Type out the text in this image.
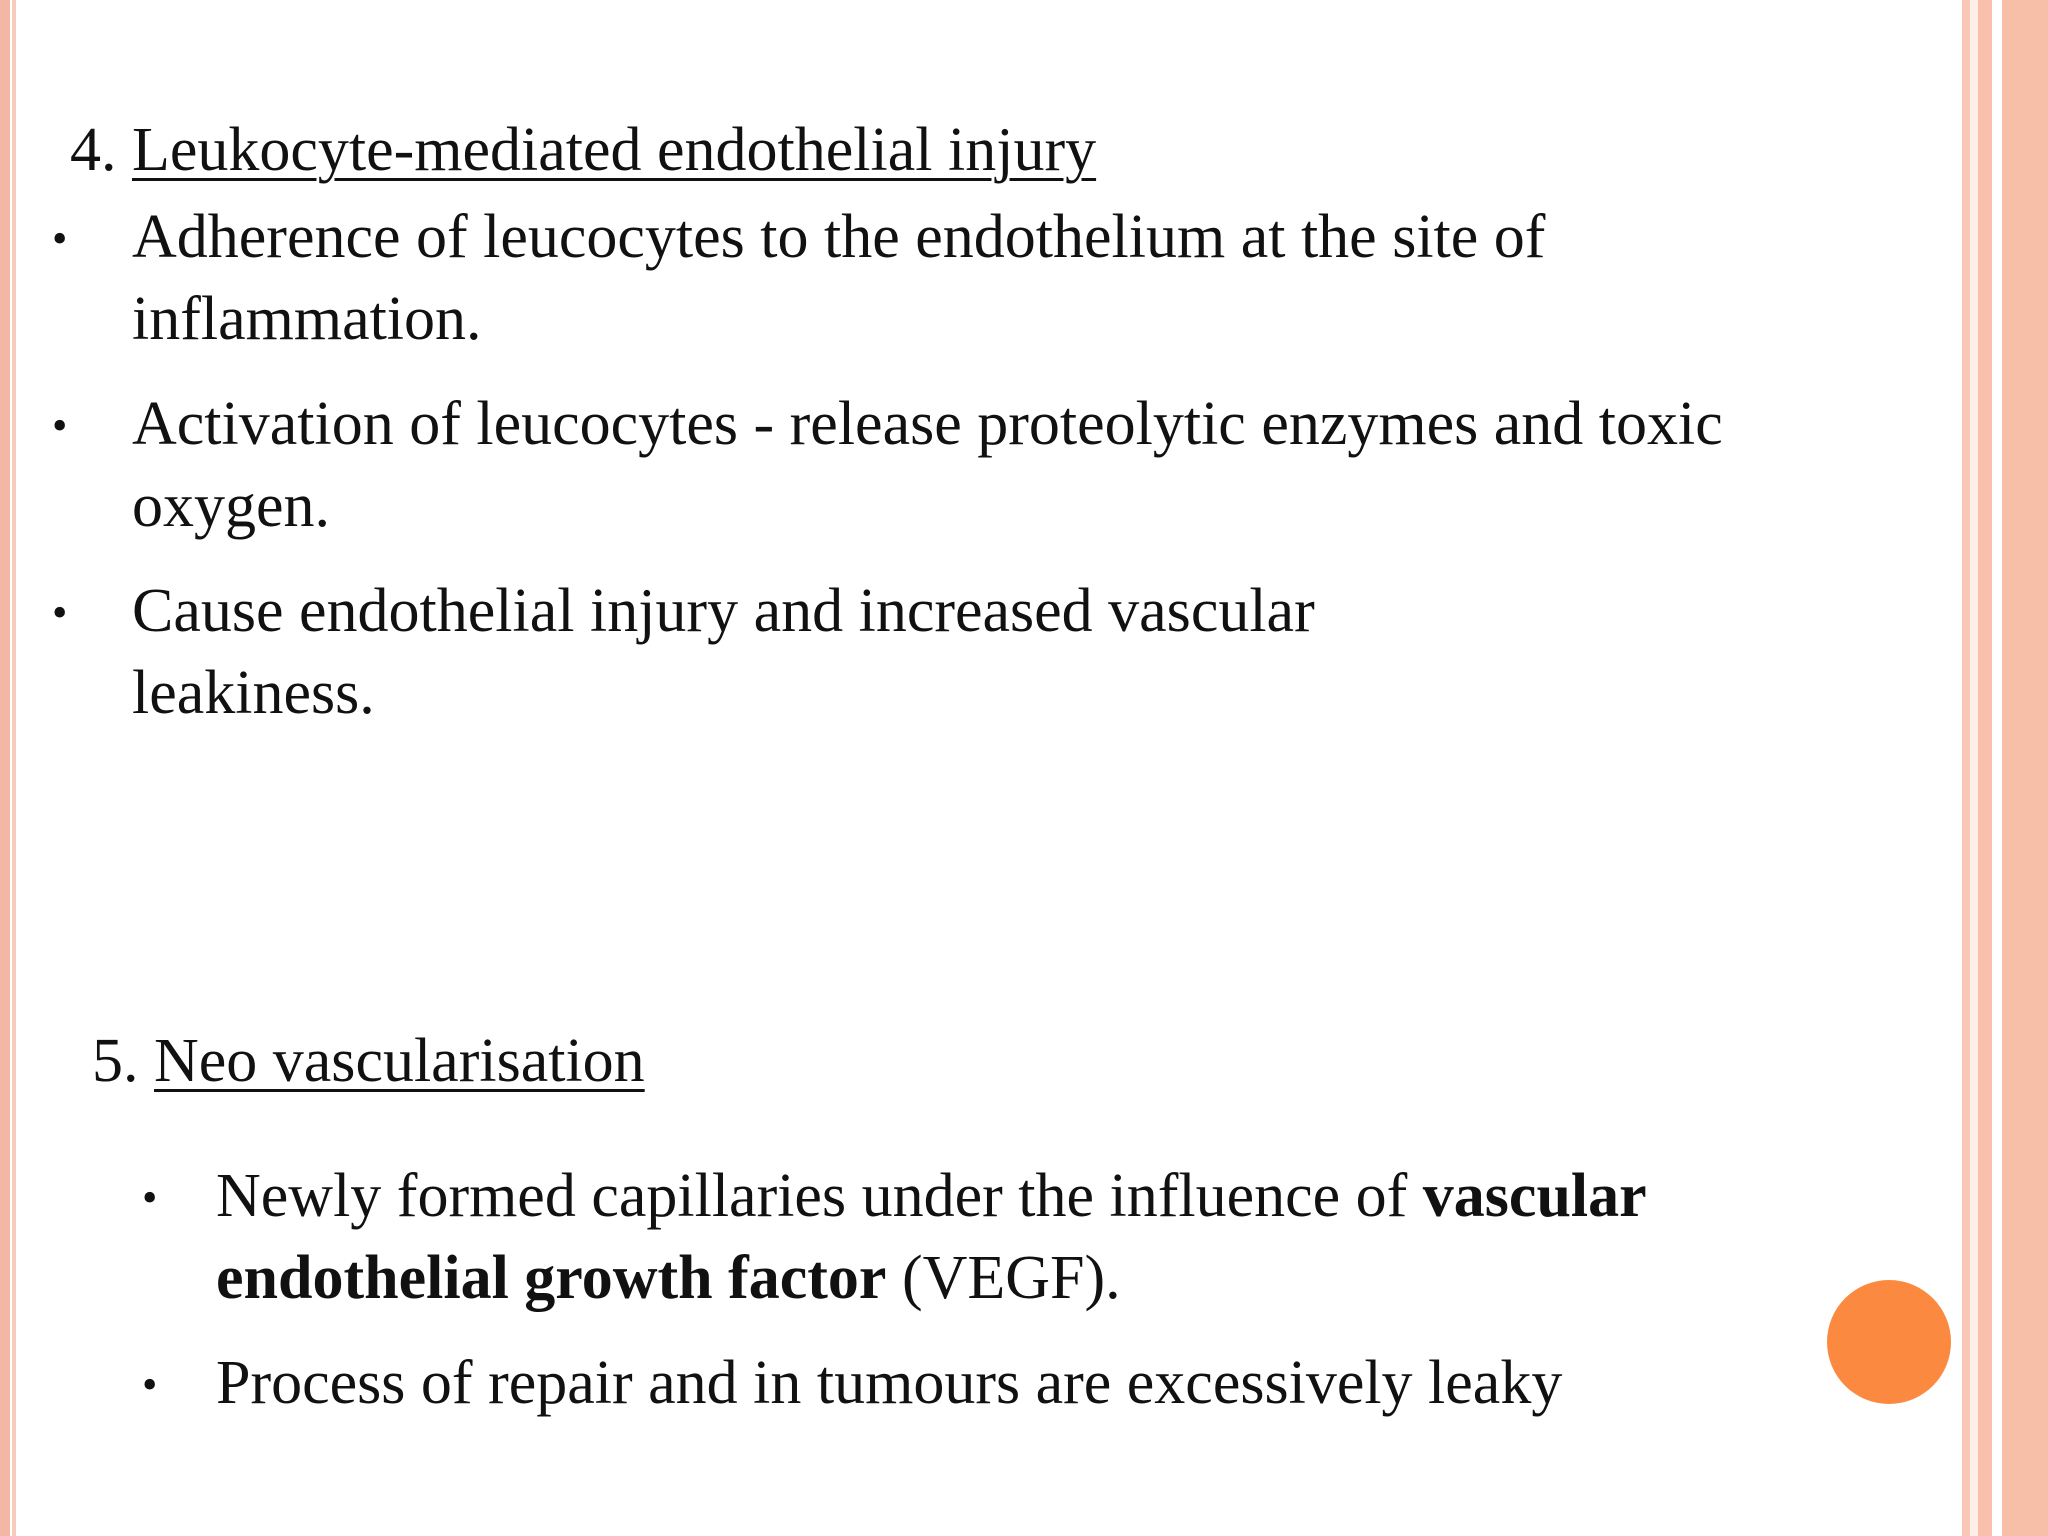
4. Leukocyte-mediated endothelial injury
• Adherence of leucocytes to the endothelium at the site of inflammation.
• Activation of leucocytes - release proteolytic enzymes and toxic oxygen.
• Cause endothelial injury and increased vascular leakiness.
5. Neo vascularisation
• Newly formed capillaries under the influence of vascular endothelial growth factor (VEGF).
• Process of repair and in tumours are excessively leaky
